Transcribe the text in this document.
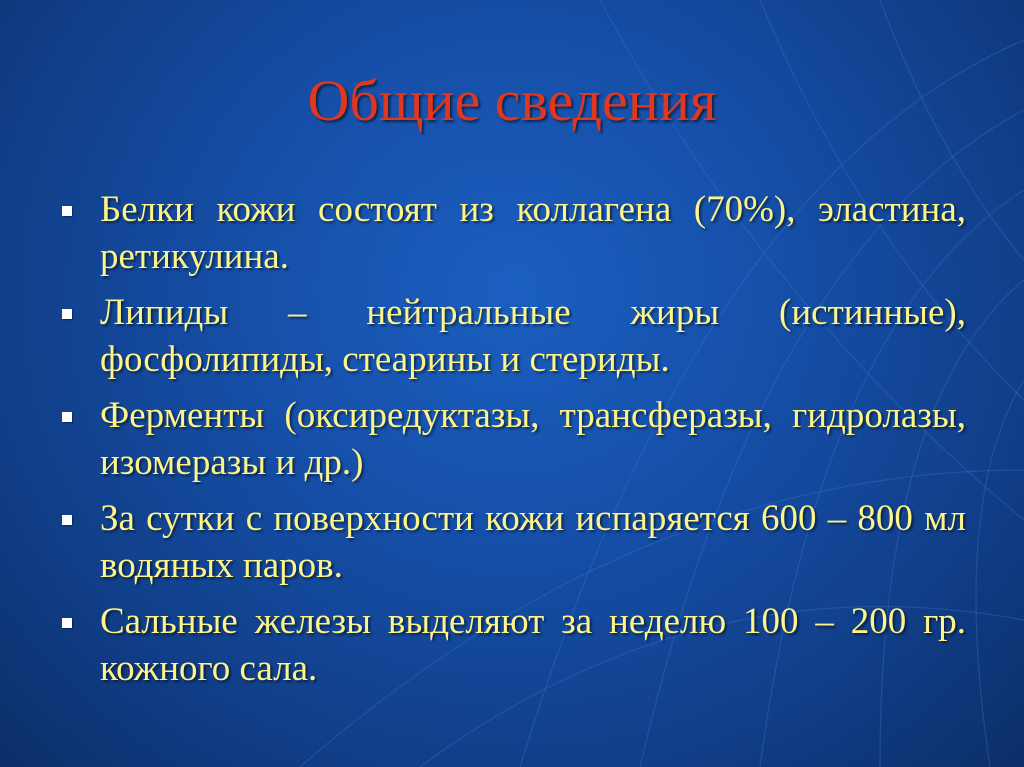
Общие сведения
Белки кожи состоят из коллагена (70%), эластина, ретикулина.
Липиды – нейтральные жиры (истинные), фосфолипиды, стеарины и стериды.
Ферменты (оксиредуктазы, трансферазы, гидролазы, изомеразы и др.)
За сутки с поверхности кожи испаряется 600 – 800 мл водяных паров.
Сальные железы выделяют за неделю 100 – 200 гр. кожного сала.
